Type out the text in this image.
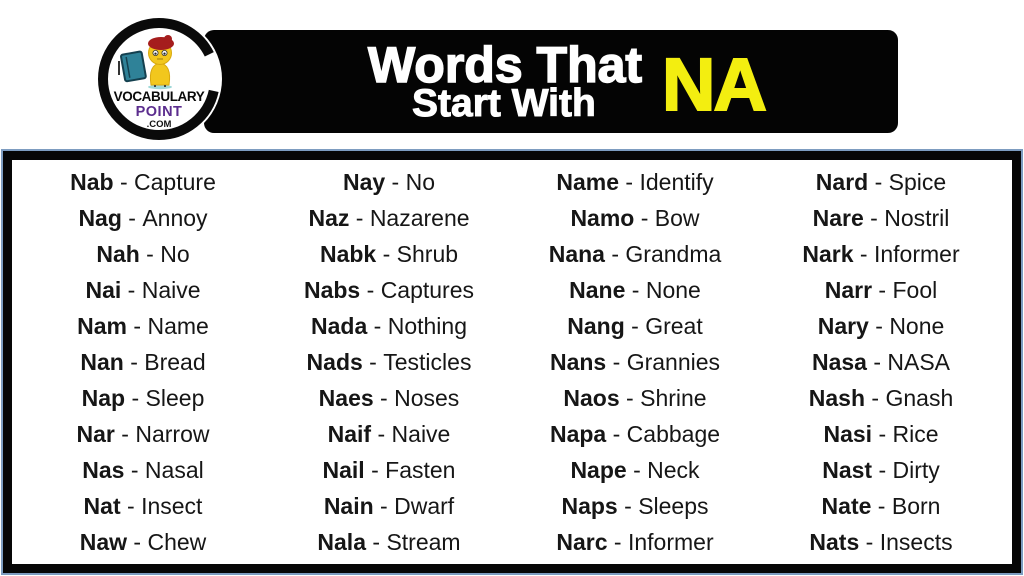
Words That
Start With NA
VOCABULARY
POINT
.COM
Nab - Capture
Nag - Annoy
Nah - No
Nai - Naive
Nam - Name
Nan - Bread
Nap - Sleep
Nar - Narrow
Nas - Nasal
Nat - Insect
Naw - Chew
Nay - No
Naz - Nazarene
Nabk - Shrub
Nabs - Captures
Nada - Nothing
Nads - Testicles
Naes - Noses
Naif - Naive
Nail - Fasten
Nain - Dwarf
Nala - Stream
Name - Identify
Namo - Bow
Nana - Grandma
Nane - None
Nang - Great
Nans - Grannies
Naos - Shrine
Napa - Cabbage
Nape - Neck
Naps - Sleeps
Narc - Informer
Nard - Spice
Nare - Nostril
Nark - Informer
Narr - Fool
Nary - None
Nasa - NASA
Nash - Gnash
Nasi - Rice
Nast - Dirty
Nate - Born
Nats - Insects
